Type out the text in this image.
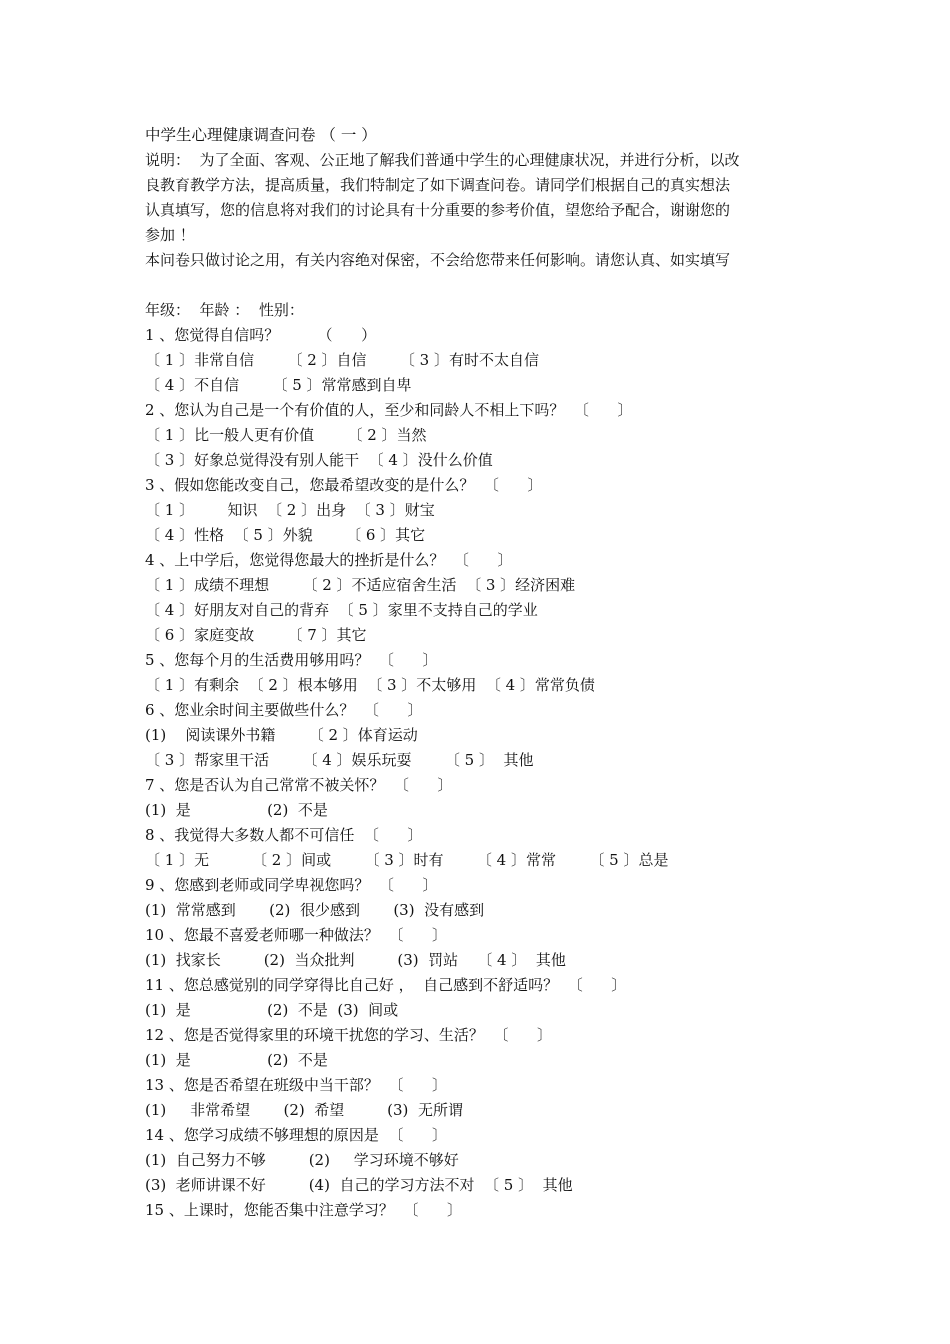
中学生心理健康调查问卷 （ 一 ）
说明：  为了全面、客观、公正地了解我们普通中学生的心理健康状况，并进行分析，以改
良教育教学方法，提高质量，我们特制定了如下调查问卷。请同学们根据自己的真实想法
认真填写，您的信息将对我们的讨论具有十分重要的参考价值，望您给予配合，谢谢您的
参加 ！
本问卷只做讨论之用，有关内容绝对保密，不会给您带来任何影响。请您认真、如实填写
年级：  年龄 ：  性别：
1 、您觉得自信吗？        （      ）
〔 1 〕非常自信       〔 2 〕自信       〔 3 〕有时不太自信
〔 4 〕不自信       〔 5 〕常常感到自卑
2 、您认为自己是一个有价值的人，至少和同龄人不相上下吗？  〔      〕
〔 1 〕比一般人更有价值       〔 2 〕当然
〔 3 〕好象总觉得没有别人能干  〔 4 〕没什么价值
3 、假如您能改变自己，您最希望改变的是什么？  〔      〕
〔 1 〕       知识  〔 2 〕出身  〔 3 〕财宝
〔 4 〕性格  〔 5 〕外貌       〔 6 〕其它
4 、上中学后，您觉得您最大的挫折是什么？  〔      〕
〔 1 〕成绩不理想       〔 2 〕不适应宿舍生活  〔 3 〕经济困难
〔 4 〕好朋友对自己的背弃  〔 5 〕家里不支持自己的学业
〔 6 〕家庭变故       〔 7 〕其它
5 、您每个月的生活费用够用吗？  〔      〕
〔 1 〕有剩余  〔 2 〕根本够用  〔 3 〕不太够用  〔 4 〕常常负债
6 、您业余时间主要做些什么？  〔      〕
(1)    阅读课外书籍       〔 2 〕体育运动
〔 3 〕帮家里干活       〔 4 〕娱乐玩耍       〔 5 〕  其他
7 、您是否认为自己常常不被关怀？  〔      〕
(1)  是                (2)  不是
8 、我觉得大多数人都不可信任  〔      〕
〔 1 〕无         〔 2 〕间或       〔 3 〕时有       〔 4 〕常常       〔 5 〕总是
9 、您感到老师或同学卑视您吗？  〔      〕
(1)  常常感到       (2)  很少感到       (3)  没有感到
10 、您最不喜爱老师哪一种做法？  〔      〕
(1)  找家长         (2)  当众批判         (3)  罚站    〔 4 〕  其他
11 、您总感觉别的同学穿得比自己好 ，  自己感到不舒适吗？  〔      〕
(1)  是                (2)  不是  (3)  间或
12 、您是否觉得家里的环境干扰您的学习、生活？  〔      〕
(1)  是                (2)  不是
13 、您是否希望在班级中当干部？  〔      〕
(1)     非常希望       (2)  希望         (3)  无所谓
14 、您学习成绩不够理想的原因是  〔      〕
(1)  自己努力不够         (2)     学习环境不够好
(3)  老师讲课不好         (4)  自己的学习方法不对  〔 5 〕  其他
15 、上课时，您能否集中注意学习？  〔      〕
